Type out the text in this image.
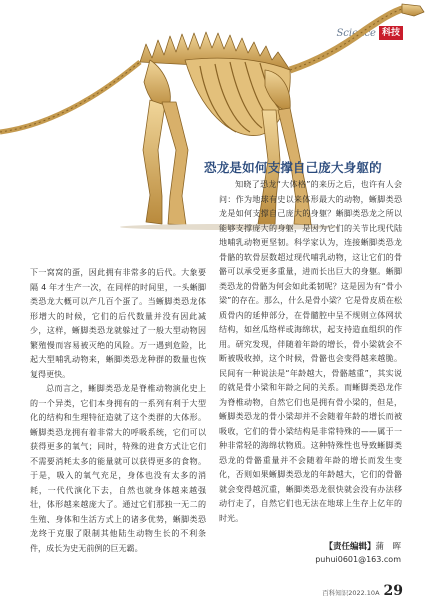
Science 科技
恐龙是如何支撑自己庞大身躯的

下一窝窝的蛋，因此拥有非常多的后代。大象要隔 4 年才生产一次，在同样的时间里，一头蜥脚类恐龙大概可以产几百个蛋了。当蜥脚类恐龙体形增大的时候，它们的后代数量并没有因此减少，这样，蜥脚类恐龙就躲过了一般大型动物因繁殖慢而容易被灭绝的风险。万一遇到危险，比起大型哺乳动物来，蜥脚类恐龙种群的数量也恢复得更快。

总而言之，蜥脚类恐龙是脊椎动物演化史上的一个异类，它们本身拥有的一系列有利于大型化的结构和生理特征造就了这个类群的大体形。蜥脚类恐龙拥有着非常大的呼吸系统，它们可以获得更多的氧气；同时，特殊的进食方式让它们不需要消耗太多的能量就可以获得更多的食物。于是，吸入的氧气充足，身体也没有太多的消耗，一代代演化下去，自然也就身体越来越强壮，体形越来越庞大了。通过它们那独一无二的生殖、身体和生活方式上的诸多优势，蜥脚类恐龙终于克服了限制其他陆生动物生长的不利条件，成长为史无前例的巨无霸。

知晓了恐龙“大体格”的来历之后，也许有人会问：作为地球有史以来体形最大的动物，蜥脚类恐龙是如何支撑自己庞大的身躯？蜥脚类恐龙之所以能够支撑庞大的身躯，是因为它们的关节比现代陆地哺乳动物更坚韧。科学家认为，连接蜥脚类恐龙骨骼的软骨层数超过现代哺乳动物，这让它们的骨骼可以承受更多重量，进而长出巨大的身躯。蜥脚类恐龙的骨骼为何会如此柔韧呢？这是因为有“骨小梁”的存在。那么，什么是骨小梁？它是骨皮质在松质骨内的延伸部分，在骨髓腔中呈不规则立体网状结构，如丝瓜络样或海绵状，起支持造血组织的作用。研究发现，伴随着年龄的增长，骨小梁就会不断被吸收掉，这个时候，骨骼也会变得越来越脆。民间有一种说法是“年龄越大，骨骼越重”，其实说的就是骨小梁和年龄之间的关系。而蜥脚类恐龙作为脊椎动物，自然它们也是拥有骨小梁的，但是，蜥脚类恐龙的骨小梁却并不会随着年龄的增长而被吸收，它们的骨小梁结构是非常特殊的——属于一种非常轻的海绵状物质。这种特殊性也导致蜥脚类恐龙的骨骼重量并不会随着年龄的增长而发生变化，否则如果蜥脚类恐龙的年龄越大，它们的骨骼就会变得越沉重，蜥脚类恐龙很快就会没有办法移动行走了，自然它们也无法在地球上生存上亿年的时光。

【责任编辑】蒲　晖
puhui0601@163.com
百科知识2022.10A 29
